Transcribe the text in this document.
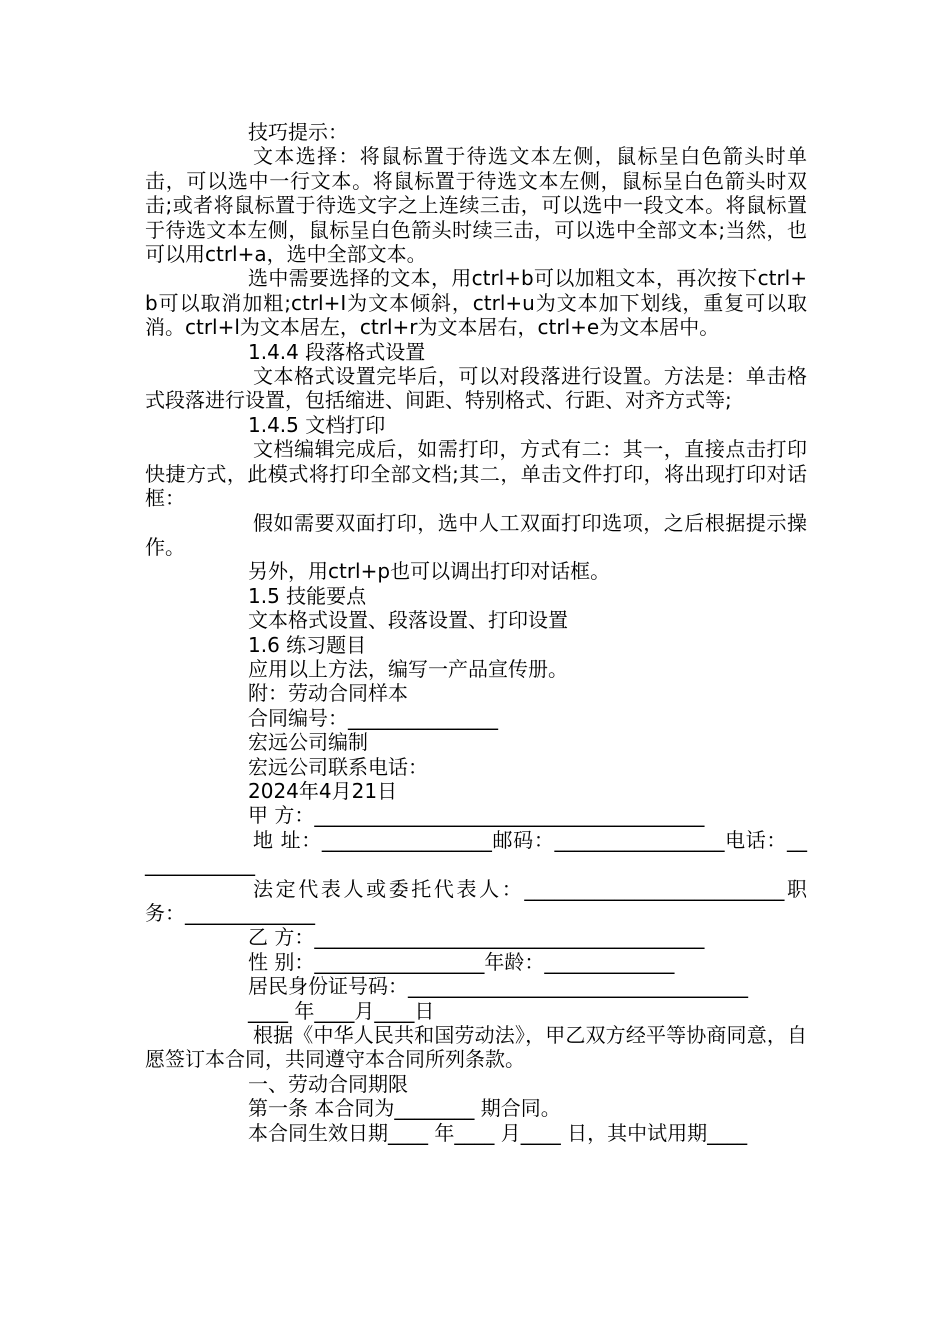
技巧提示：

文本选择：将鼠标置于待选文本左侧，鼠标呈白色箭头时单击，可以选中一行文本。将鼠标置于待选文本左侧，鼠标呈白色箭头时双击;或者将鼠标置于待选文字之上连续三击，可以选中一段文本。将鼠标置于待选文本左侧，鼠标呈白色箭头时续三击，可以选中全部文本;当然，也可以用ctrl+a，选中全部文本。

选中需要选择的文本，用ctrl+b可以加粗文本，再次按下ctrl+b可以取消加粗;ctrl+I为文本倾斜，ctrl+u为文本加下划线，重复可以取消。ctrl+l为文本居左，ctrl+r为文本居右，ctrl+e为文本居中。

1.4.4 段落格式设置

文本格式设置完毕后，可以对段落进行设置。方法是：单击格式段落进行设置，包括缩进、间距、特别格式、行距、对齐方式等;

1.4.5 文档打印

文档编辑完成后，如需打印，方式有二：其一，直接点击打印快捷方式，此模式将打印全部文档;其二，单击文件打印，将出现打印对话框：

假如需要双面打印，选中人工双面打印选项，之后根据提示操作。

另外，用ctrl+p也可以调出打印对话框。

1.5 技能要点

文本格式设置、段落设置、打印设置

1.6 练习题目

应用以上方法，编写一产品宣传册。

附：劳动合同样本

合同编号：_______________

宏远公司编制

宏远公司联系电话：

2024年4月21日

甲 方：_______________________________________

地 址：_________________邮码：_________________电话：_____________

法定代表人或委托代表人：__________________________职务：_____________

乙 方：_______________________________________

性 别：_________________年龄：_____________

居民身份证号码：__________________________________

____ 年____月____日

根据《中华人民共和国劳动法》，甲乙双方经平等协商同意，自愿签订本合同，共同遵守本合同所列条款。

一、劳动合同期限

第一条 本合同为________ 期合同。

本合同生效日期____ 年____ 月____ 日，其中试用期____
